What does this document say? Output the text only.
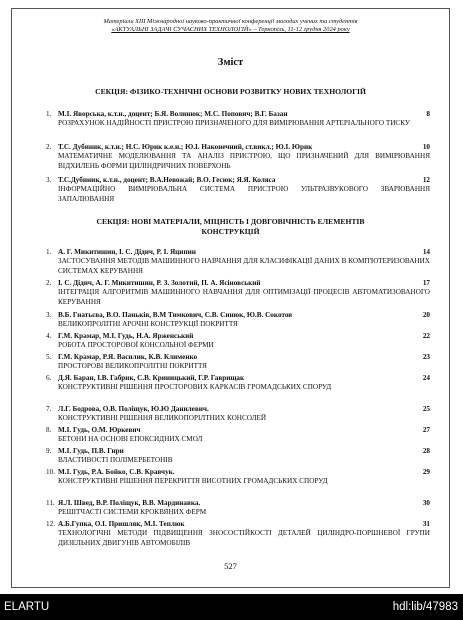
Матеріали XIII Міжнародної науково-практичної конференції молодих учених та студентів
«АКТУАЛЬНІ ЗАДАЧІ СУЧАСНИХ ТЕХНОЛОГІЙ» – Тернопіль, 11-12 грудня 2024 року
Зміст
СЕКЦІЯ: ФІЗИКО-ТЕХНІЧНІ ОСНОВИ РОЗВИТКУ НОВИХ ТЕХНОЛОГІЙ
1. М.І. Яворська, к.т.н., доцент; Б.Я. Волинюк; М.С. Попович; В.Г. Базан	8
РОЗРАХУНОК НАДІЙНОСТІ ПРИСТРОЮ ПРИЗНАЧЕНОГО ДЛЯ ВИМІРЮВАННЯ АРТЕРІАЛЬНОГО ТИСКУ
2. Т.С. Дубиник, к.т.н.; Н.С. Юрик к.е.н.; Ю.І. Наконечний, ст.викл.; Ю.І. Юрик	10
МАТЕМАТИЧНЕ МОДЕЛЮВАННЯ ТА АНАЛІЗ ПРИСТРОЮ, ЩО ПРИЗНАЧЕНИЙ ДЛЯ ВИМІРЮВАННЯ ВІДХИЛЕНЬ ФОРМИ ЦИЛІНДРИЧНИХ ПОВЕРХОНЬ
3. Т.С.Дубиник, к.т.н., доцент; В.А.Невожай; В.О. Гесюк; Я.Я. Коляса	12
ІНФОРМАЦІЙНО ВИМІРЮВАЛЬНА СИСТЕМА ПРИСТРОЮ УЛЬТРАЗВУКОВОГО ЗВАРЮВАННЯ ЗАПАЛЮВАННЯ
СЕКЦІЯ: НОВІ МАТЕРІАЛИ, МІЦНІСТЬ І ДОВГОВІЧНІСТЬ ЕЛЕМЕНТІВ КОНСТРУКЦІЙ
1. А. Г. Микитишин, І. С. Дідич, Р. І. Яципин	14
ЗАСТОСУВАННЯ МЕТОДІВ МАШИННОГО НАВЧАННЯ ДЛЯ КЛАСИФІКАЦІЇ ДАНИХ В КОМП'ЮТЕРИЗОВАНИХ СИСТЕМАХ КЕРУВАННЯ
2. І. С. Дідич, А. Г. Микитишин, Р. З. Золотий, П. А. Ясіновський	17
ІНТЕГРАЦІЯ АЛГОРИТМІВ МАШИННОГО НАВЧАННЯ ДЛЯ ОПТИМІЗАЦІЇ ПРОЦЕСІВ АВТОМАТИЗОВАНОГО КЕРУВАННЯ
3. В.Б. Гнатьєва, В.О. Паньків, В.М Тимкович, С.В. Синюк, Ю.В. Сокотов	20
ВЕЛИКОПРОЛІТНІ АРОЧНІ КОНСТРУКЦІЇ ПОКРИТТЯ
4. Г.М. Крамар, М.І. Гудь, Н.А. Ярженський	22
РОБОТА ПРОСТОРОВОЇ КОНСОЛЬНОЇ ФЕРМИ
5. Г.М. Крамар, Р.Я. Василик, К.В. Клименко	23
ПРОСТОРОВІ ВЕЛИКОПРОЛІТНІ ПОКРИТТЯ
6. Д.Я. Баран, І.В. Габрик, С.В. Криницький, Г.Р. Гаврищак	24
КОНСТРУКТИВНІ РІШЕННЯ ПРОСТОРОВИХ КАРКАСІВ ГРОМАДСЬКИХ СПОРУД
7. Л.Г. Бодрова, О.В. Поліщук, Ю.Ю Данилевич.	25
КОНСТРУКТИВНІ РІШЕННЯ ВЕЛИКОПОРІЛТНИХ КОНСОЛЕЙ
8. М.І. Гудь, О.М. Юркевич	27
БЕТОНИ НА ОСНОВІ ЕПОКСИДНИХ СМОЛ
9. М.І. Гудь, П.В. Гнри	28
ВЛАСТИВОСТІ ПОЛІМЕРБЕТОНІВ
10. М.І. Гудь, Р.А. Бойко, С.В. Кравчук.	29
КОНСТРУКТИВНІ РІШЕННЯ ПЕРЕКРИТТЯ ВИСОТНИХ ГРОМАДСЬКИХ СПОРУД
11. Я.Л. Швед, В.Р. Поліщук, В.В. Мардинавка.	30
РЕШІТЧАСТІ СИСТЕМИ КРОКВЯНИХ ФЕРМ
12. А.Б.Гупка, О.І. Пришляк, М.І. Теплюк	31
ТЕХНОЛОГІЧНІ МЕТОДИ ПІДВИЩЕННЯ ЗНОСОСТІЙКОСТІ ДЕТАЛЕЙ ЦИЛІНДРО-ПОРШНЕВОЇ ГРУПИ ДИЗЕЛЬНИХ ДВИГУНІВ АВТОМОБІЛІВ
527
ELARTU	hdl:lib/47983
